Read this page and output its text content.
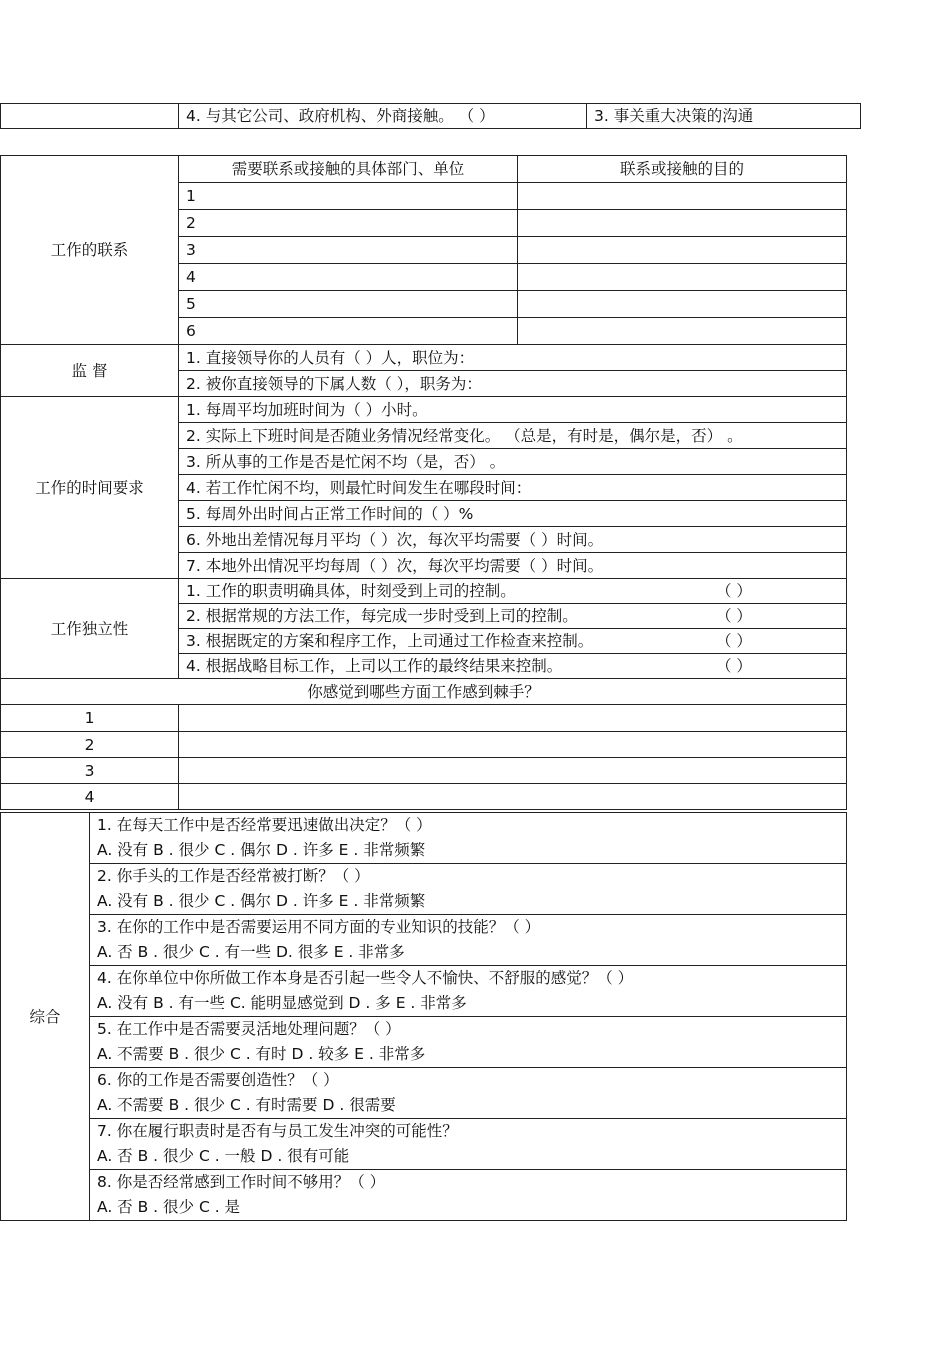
	4. 与其它公司、政府机构、外商接触。 （ ）	3. 事关重大决策的沟通
工作的联系	需要联系或接触的具体部门、单位	联系或接触的目的
	1	
	2	
	3	
	4	
	5	
	6	
监 督	1. 直接领导你的人员有（ ）人，职位为：	
	2. 被你直接领导的下属人数（ ），职务为：	
工作的时间要求	1. 每周平均加班时间为（ ）小时。	
	2. 实际上下班时间是否随业务情况经常变化。 （总是，有时是，偶尔是，否） 。	
	3. 所从事的工作是否是忙闲不均（是，否） 。	
	4. 若工作忙闲不均，则最忙时间发生在哪段时间：	
	5. 每周外出时间占正常工作时间的（ ）%	
	6. 外地出差情况每月平均（ ）次，每次平均需要（ ）时间。	
	7. 本地外出情况平均每周（ ）次，每次平均需要（ ）时间。	
工作独立性	1. 工作的职责明确具体，时刻受到上司的控制。 （ ）	
	2. 根据常规的方法工作，每完成一步时受到上司的控制。 （ ）	
	3. 根据既定的方案和程序工作，上司通过工作检查来控制。 （ ）	
	4. 根据战略目标工作，上司以工作的最终结果来控制。 （ ）	
你感觉到哪些方面工作感到棘手？		
1		
2		
3		
4		
综合	
1. 在每天工作中是否经常要迅速做出决定？（ ）
A. 没有 B . 很少 C . 偶尔 D . 许多 E . 非常频繁

2. 你手头的工作是否经常被打断？（ ）
A. 没有 B . 很少 C . 偶尔 D . 许多 E . 非常频繁

3. 在你的工作中是否需要运用不同方面的专业知识的技能？（ ）
A. 否 B . 很少 C . 有一些 D. 很多 E . 非常多

4. 在你单位中你所做工作本身是否引起一些令人不愉快、不舒服的感觉？（ ）
A. 没有 B . 有一些 C. 能明显感觉到 D . 多 E . 非常多

5. 在工作中是否需要灵活地处理问题？（ ）
A. 不需要 B . 很少 C . 有时 D . 较多 E . 非常多

6. 你的工作是否需要创造性？（ ）
A. 不需要 B . 很少 C . 有时需要 D . 很需要

7. 你在履行职责时是否有与员工发生冲突的可能性？
A. 否 B . 很少 C . 一般 D . 很有可能

8. 你是否经常感到工作时间不够用？（ ）
A. 否 B . 很少 C . 是
